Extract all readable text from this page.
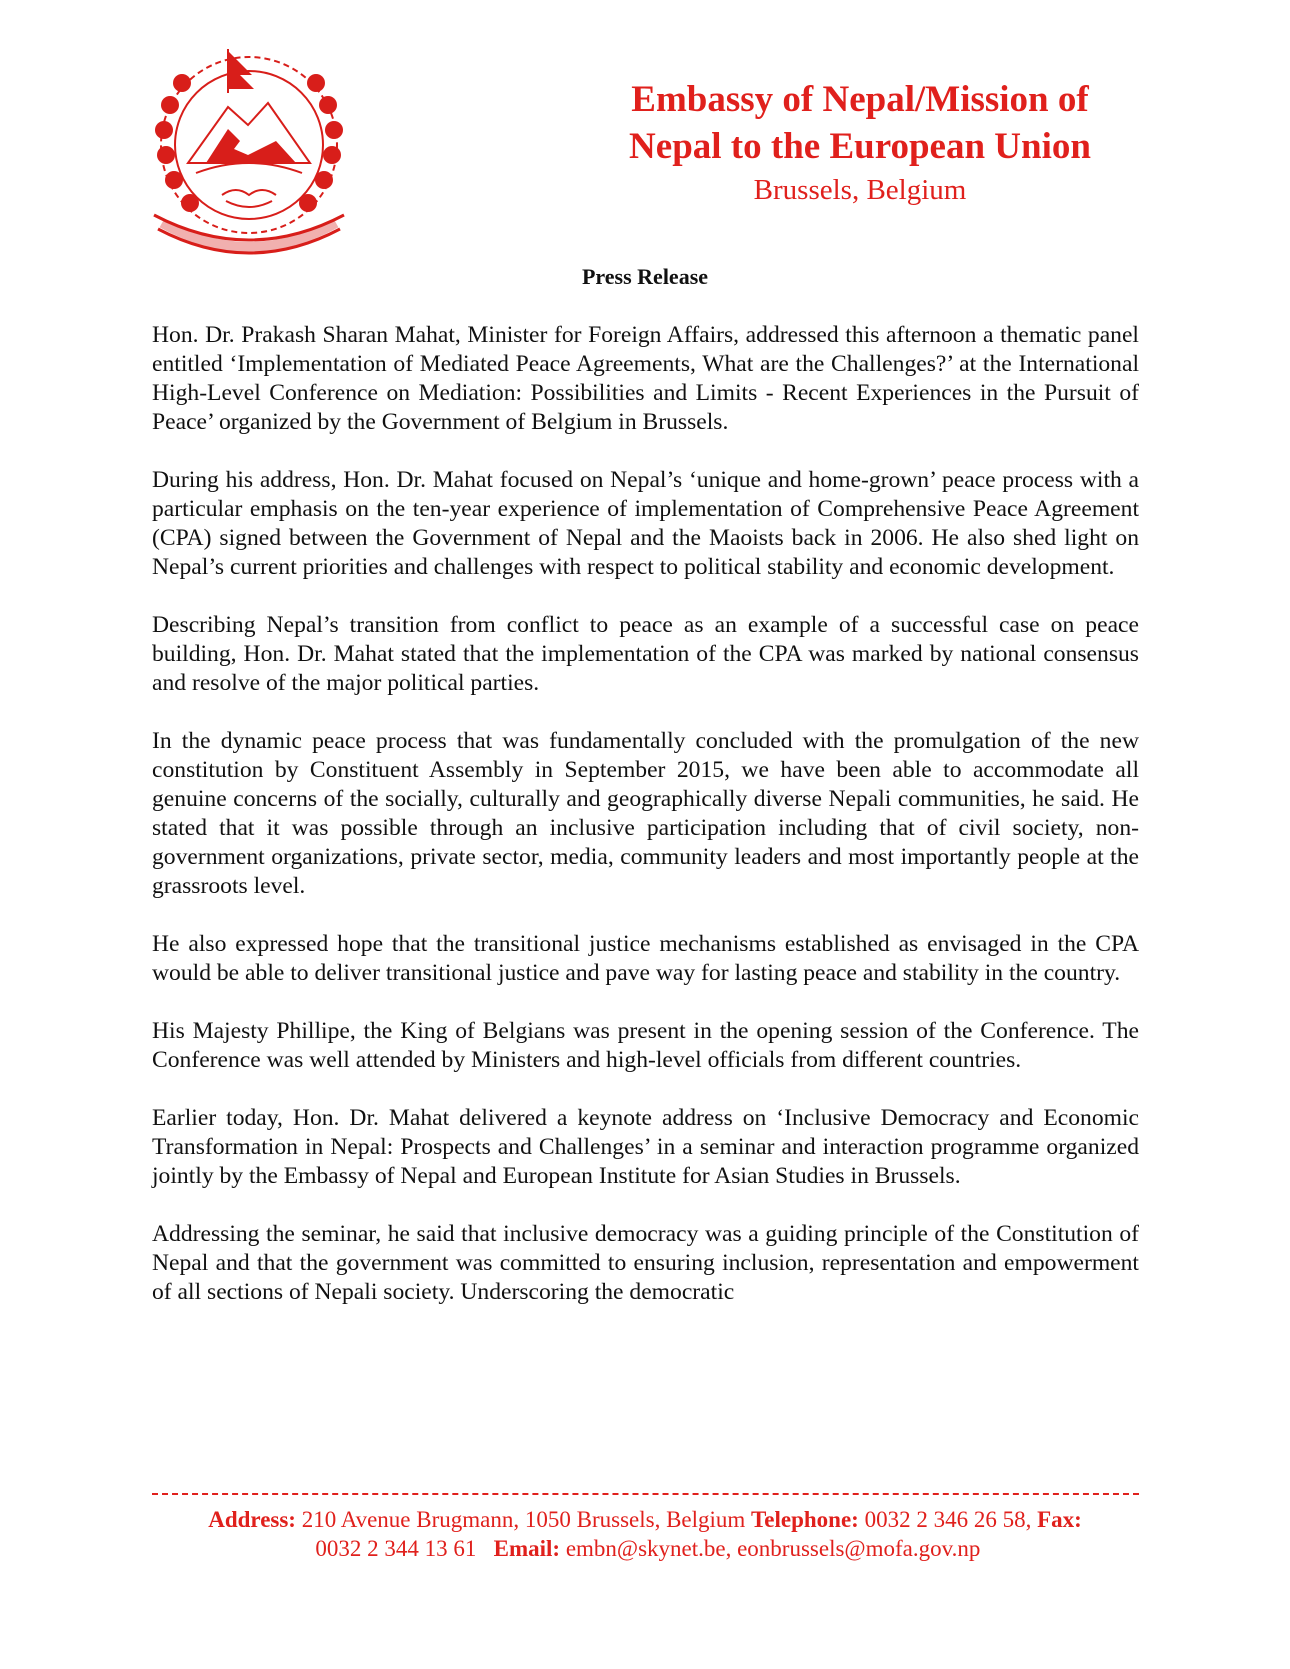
Embassy of Nepal/Mission of
Nepal to the European Union
Brussels, Belgium
Press Release

Hon. Dr. Prakash Sharan Mahat, Minister for Foreign Affairs, addressed this afternoon a thematic panel entitled ‘Implementation of Mediated Peace Agreements, What are the Challenges?’ at the International High-Level Conference on Mediation: Possibilities and Limits - Recent Experiences in the Pursuit of Peace’ organized by the Government of Belgium in Brussels.

During his address, Hon. Dr. Mahat focused on Nepal’s ‘unique and home-grown’ peace process with a particular emphasis on the ten-year experience of implementation of Comprehensive Peace Agreement (CPA) signed between the Government of Nepal and the Maoists back in 2006. He also shed light on Nepal’s current priorities and challenges with respect to political stability and economic development.

Describing Nepal’s transition from conflict to peace as an example of a successful case on peace building, Hon. Dr. Mahat stated that the implementation of the CPA was marked by national consensus and resolve of the major political parties.

In the dynamic peace process that was fundamentally concluded with the promulgation of the new constitution by Constituent Assembly in September 2015, we have been able to accommodate all genuine concerns of the socially, culturally and geographically diverse Nepali communities, he said. He stated that it was possible through an inclusive participation including that of civil society, non-government organizations, private sector, media, community leaders and most importantly people at the grassroots level.

He also expressed hope that the transitional justice mechanisms established as envisaged in the CPA would be able to deliver transitional justice and pave way for lasting peace and stability in the country.

His Majesty Phillipe, the King of Belgians was present in the opening session of the Conference. The Conference was well attended by Ministers and high-level officials from different countries.

Earlier today, Hon. Dr. Mahat delivered a keynote address on ‘Inclusive Democracy and Economic Transformation in Nepal: Prospects and Challenges’ in a seminar and interaction programme organized jointly by the Embassy of Nepal and European Institute for Asian Studies in Brussels.

Addressing the seminar, he said that inclusive democracy was a guiding principle of the Constitution of Nepal and that the government was committed to ensuring inclusion, representation and empowerment of all sections of Nepali society. Underscoring the democratic

Address: 210 Avenue Brugmann, 1050 Brussels, Belgium Telephone: 0032 2 346 26 58, Fax: 0032 2 344 13 61   Email: embn@skynet.be, eonbrussels@mofa.gov.np
